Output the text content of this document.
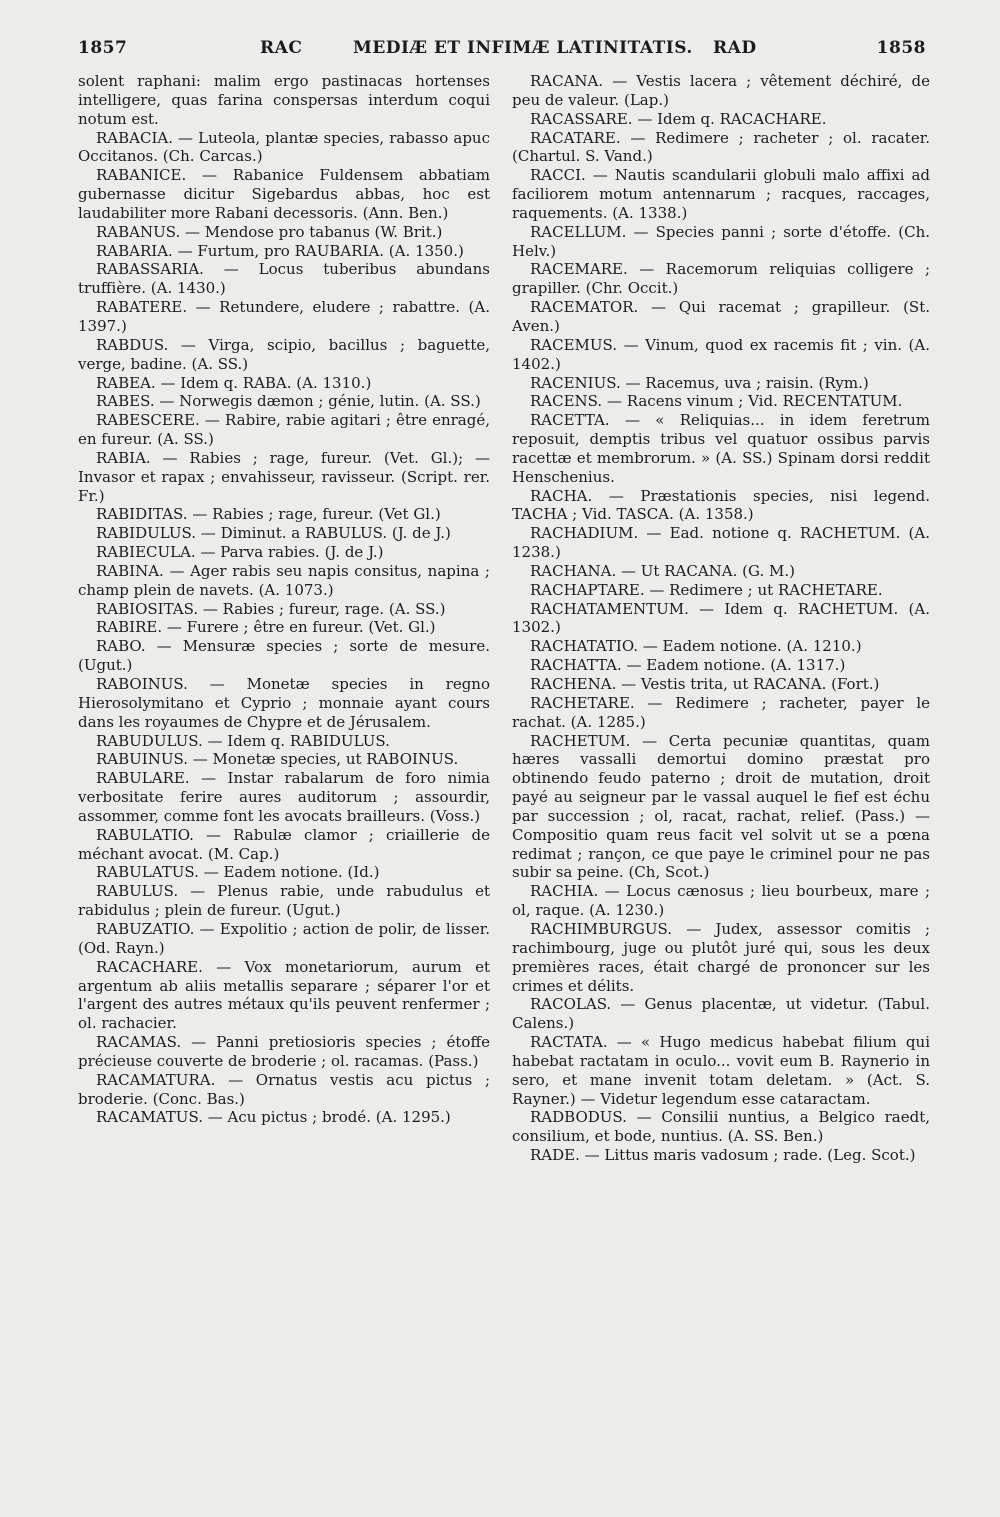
1857	RAC	MEDIÆ ET INFIMÆ LATINITATIS. RAD	1858

solent raphani: malim ergo pastinacas hortenses intelligere, quas farina conspersas interdum coqui notum est.

RABACIA. — Luteola, plantæ species, rabasso apuc Occitanos. (Ch. Carcas.)

RABANICE. — Rabanice Fuldensem abbatiam gubernasse dicitur Sigebardus abbas, hoc est laudabiliter more Rabani decessoris. (Ann. Ben.)

RABANUS. — Mendose pro tabanus (W. Brit.)

RABARIA. — Furtum, pro RAUBARIA. (A. 1350.)

RABASSARIA. — Locus tuberibus abundans truffière. (A. 1430.)

RABATERE. — Retundere, eludere ; rabattre. (A. 1397.)

RABDUS. — Virga, scipio, bacillus ; baguette, verge, badine. (A. SS.)

RABEA. — Idem q. RABA. (A. 1310.)

RABES. — Norwegis dæmon ; génie, lutin. (A. SS.)

RABESCERE. — Rabire, rabie agitari ; être enragé, en fureur. (A. SS.)

RABIA. — Rabies ; rage, fureur. (Vet. Gl.); — Invasor et rapax ; envahisseur, ravisseur. (Script. rer. Fr.)

RABIDITAS. — Rabies ; rage, fureur. (Vet Gl.)

RABIDULUS. — Diminut. a RABULUS. (J. de J.)

RABIECULA. — Parva rabies. (J. de J.)

RABINA. — Ager rabis seu napis consitus, napina ; champ plein de navets. (A. 1073.)

RABIOSITAS. — Rabies ; fureur, rage. (A. SS.)

RABIRE. — Furere ; être en fureur. (Vet. Gl.)

RABO. — Mensuræ species ; sorte de mesure. (Ugut.)

RABOINUS. — Monetæ species in regno Hierosolymitano et Cyprio ; monnaie ayant cours dans les royaumes de Chypre et de Jérusalem.

RABUDULUS. — Idem q. RABIDULUS.

RABUINUS. — Monetæ species, ut RABOINUS.

RABULARE. — Instar rabalarum de foro nimia verbositate ferire aures auditorum ; assourdir, assommer, comme font les avocats brailleurs. (Voss.)

RABULATIO. — Rabulæ clamor ; criaillerie de méchant avocat. (M. Cap.)

RABULATUS. — Eadem notione. (Id.)

RABULUS. — Plenus rabie, unde rabudulus et rabidulus ; plein de fureur. (Ugut.)

RABUZATIO. — Expolitio ; action de polir, de lisser. (Od. Rayn.)

RACACHARE. — Vox monetariorum, aurum et argentum ab aliis metallis separare ; séparer l'or et l'argent des autres métaux qu'ils peuvent renfermer ; ol. rachacier.

RACAMAS. — Panni pretiosioris species ; étoffe précieuse couverte de broderie ; ol. racamas. (Pass.)

RACAMATURA. — Ornatus vestis acu pictus ; broderie. (Conc. Bas.)

RACAMATUS. — Acu pictus ; brodé. (A. 1295.)

RACANA. — Vestis lacera ; vêtement déchiré, de peu de valeur. (Lap.)

RACASSARE. — Idem q. RACACHARE.

RACATARE. — Redimere ; racheter ; ol. racater. (Chartul. S. Vand.)

RACCI. — Nautis scandularii globuli malo affixi ad faciliorem motum antennarum ; racques, raccages, raquements. (A. 1338.)

RACELLUM. — Species panni ; sorte d'étoffe. (Ch. Helv.)

RACEMARE. — Racemorum reliquias colligere ; grapiller. (Chr. Occit.)

RACEMATOR. — Qui racemat ; grapilleur. (St. Aven.)

RACEMUS. — Vinum, quod ex racemis fit ; vin. (A. 1402.)

RACENIUS. — Racemus, uva ; raisin. (Rym.)

RACENS. — Racens vinum ; Vid. RECENTATUM.

RACETTA. — « Reliquias... in idem feretrum reposuit, demptis tribus vel quatuor ossibus parvis racettæ et membrorum. » (A. SS.) Spinam dorsi reddit Henschenius.

RACHA. — Præstationis species, nisi legend. TACHA ; Vid. TASCA. (A. 1358.)

RACHADIUM. — Ead. notione q. RACHETUM. (A. 1238.)

RACHANA. — Ut RACANA. (G. M.)

RACHAPTARE. — Redimere ; ut RACHETARE.

RACHATAMENTUM. — Idem q. RACHETUM. (A. 1302.)

RACHATATIO. — Eadem notione. (A. 1210.)

RACHATTA. — Eadem notione. (A. 1317.)

RACHENA. — Vestis trita, ut RACANA. (Fort.)

RACHETARE. — Redimere ; racheter, payer le rachat. (A. 1285.)

RACHETUM. — Certa pecuniæ quantitas, quam hæres vassalli demortui domino præstat pro obtinendo feudo paterno ; droit de mutation, droit payé au seigneur par le vassal auquel le fief est échu par succession ; ol, racat, rachat, relief. (Pass.) — Compositio quam reus facit vel solvit ut se a pœna redimat ; rançon, ce que paye le criminel pour ne pas subir sa peine. (Ch, Scot.)

RACHIA. — Locus cænosus ; lieu bourbeux, mare ; ol, raque. (A. 1230.)

RACHIMBURGUS. — Judex, assessor comitis ; rachimbourg, juge ou plutôt juré qui, sous les deux premières races, était chargé de prononcer sur les crimes et délits.

RACOLAS. — Genus placentæ, ut videtur. (Tabul. Calens.)

RACTATA. — « Hugo medicus habebat filium qui habebat ractatam in oculo... vovit eum B. Raynerio in sero, et mane invenit totam deletam. » (Act. S. Rayner.) — Videtur legendum esse cataractam.

RADBODUS. — Consilii nuntius, a Belgico raedt, consilium, et bode, nuntius. (A. SS. Ben.)

RADE. — Littus maris vadosum ; rade. (Leg. Scot.)
